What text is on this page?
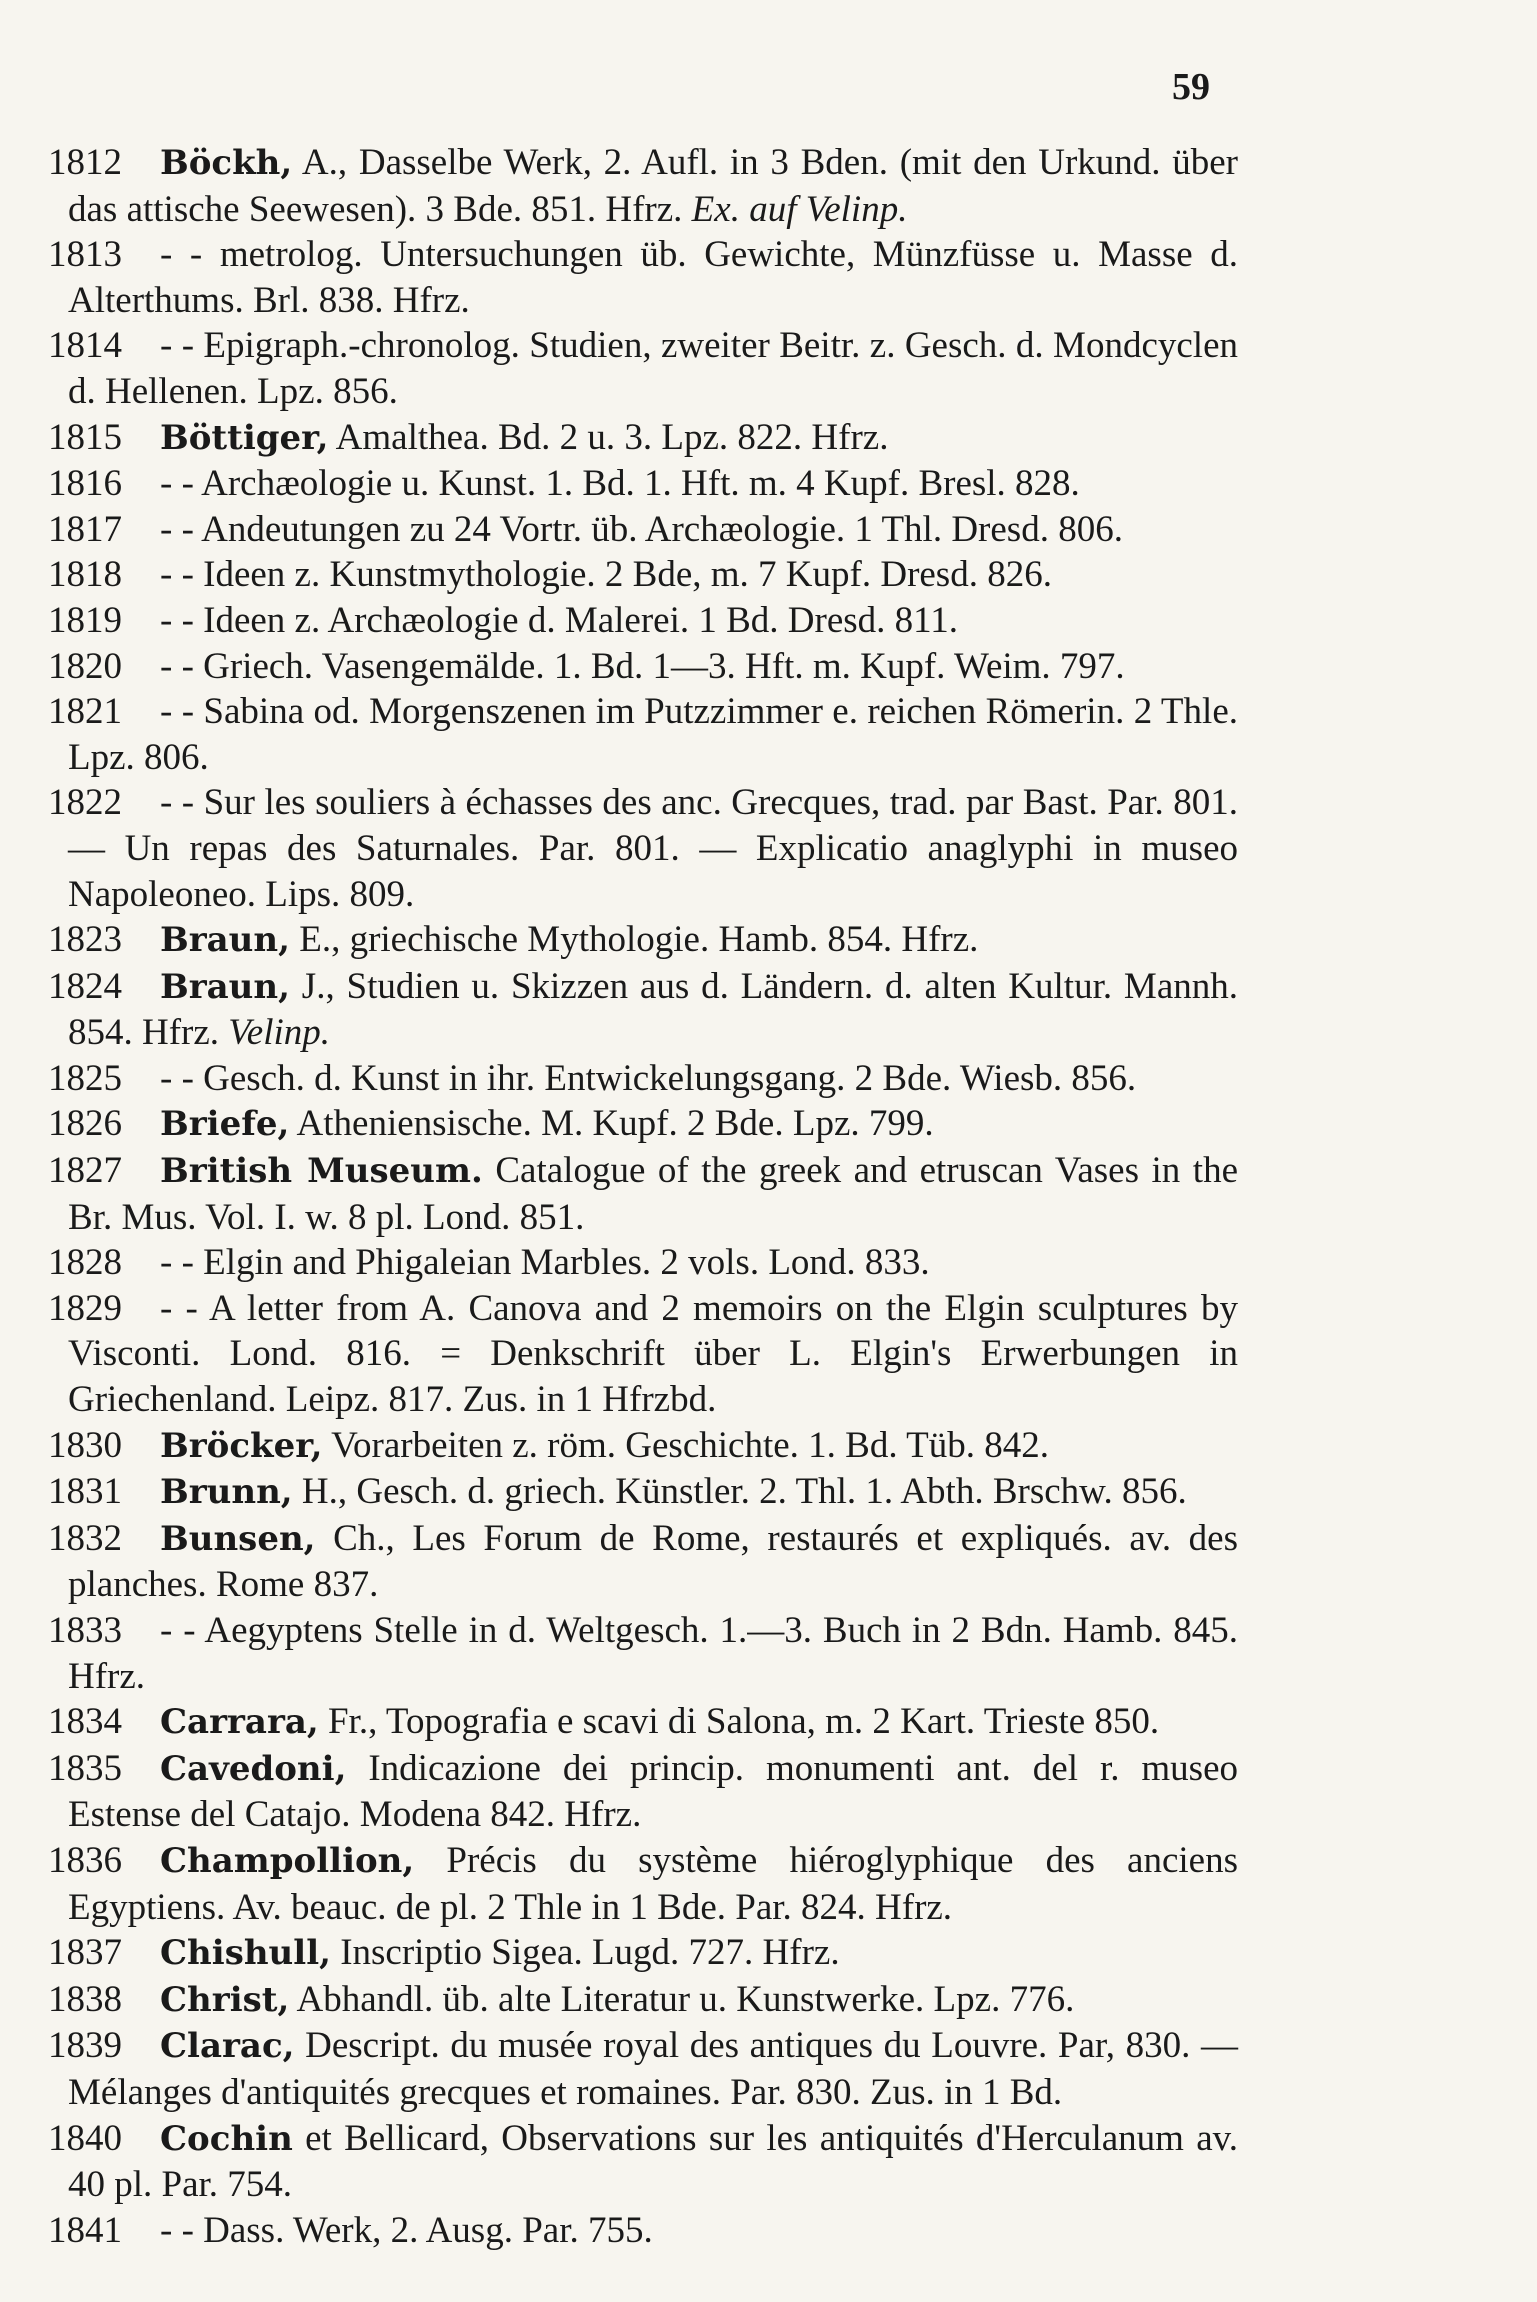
59

1812 Böckh, A., Dasselbe Werk, 2. Aufl. in 3 Bden. (mit den Urkund. über das attische Seewesen). 3 Bde. 851. Hfrz. Ex. auf Velinp.

1813 - - metrolog. Untersuchungen üb. Gewichte, Münzfüsse u. Masse d. Alterthums. Brl. 838. Hfrz.

1814 - - Epigraph.-chronolog. Studien, zweiter Beitr. z. Gesch. d. Mondcyclen d. Hellenen. Lpz. 856.

1815 Böttiger, Amalthea. Bd. 2 u. 3. Lpz. 822. Hfrz.

1816 - - Archæologie u. Kunst. 1. Bd. 1. Hft. m. 4 Kupf. Bresl. 828.

1817 - - Andeutungen zu 24 Vortr. üb. Archæologie. 1 Thl. Dresd. 806.

1818 - - Ideen z. Kunstmythologie. 2 Bde, m. 7 Kupf. Dresd. 826.

1819 - - Ideen z. Archæologie d. Malerei. 1 Bd. Dresd. 811.

1820 - - Griech. Vasengemälde. 1. Bd. 1—3. Hft. m. Kupf. Weim. 797.

1821 - - Sabina od. Morgenszenen im Putzzimmer e. reichen Römerin. 2 Thle. Lpz. 806.

1822 - - Sur les souliers à échasses des anc. Grecques, trad. par Bast. Par. 801. — Un repas des Saturnales. Par. 801. — Explicatio anaglyphi in museo Napoleoneo. Lips. 809.

1823 Braun, E., griechische Mythologie. Hamb. 854. Hfrz.

1824 Braun, J., Studien u. Skizzen aus d. Ländern. d. alten Kultur. Mannh. 854. Hfrz. Velinp.

1825 - - Gesch. d. Kunst in ihr. Entwickelungsgang. 2 Bde. Wiesb. 856.

1826 Briefe, Atheniensische. M. Kupf. 2 Bde. Lpz. 799.

1827 British Museum. Catalogue of the greek and etruscan Vases in the Br. Mus. Vol. I. w. 8 pl. Lond. 851.

1828 - - Elgin and Phigaleian Marbles. 2 vols. Lond. 833.

1829 - - A letter from A. Canova and 2 memoirs on the Elgin sculptures by Visconti. Lond. 816. = Denkschrift über L. Elgin's Erwerbungen in Griechenland. Leipz. 817. Zus. in 1 Hfrzbd.

1830 Bröcker, Vorarbeiten z. röm. Geschichte. 1. Bd. Tüb. 842.

1831 Brunn, H., Gesch. d. griech. Künstler. 2. Thl. 1. Abth. Brschw. 856.

1832 Bunsen, Ch., Les Forum de Rome, restaurés et expliqués. av. des planches. Rome 837.

1833 - - Aegyptens Stelle in d. Weltgesch. 1.—3. Buch in 2 Bdn. Hamb. 845. Hfrz.

1834 Carrara, Fr., Topografia e scavi di Salona, m. 2 Kart. Trieste 850.

1835 Cavedoni, Indicazione dei princip. monumenti ant. del r. museo Estense del Catajo. Modena 842. Hfrz.

1836 Champollion, Précis du système hiéroglyphique des anciens Egyptiens. Av. beauc. de pl. 2 Thle in 1 Bde. Par. 824. Hfrz.

1837 Chishull, Inscriptio Sigea. Lugd. 727. Hfrz.

1838 Christ, Abhandl. üb. alte Literatur u. Kunstwerke. Lpz. 776.

1839 Clarac, Descript. du musée royal des antiques du Louvre. Par, 830. — Mélanges d'antiquités grecques et romaines. Par. 830. Zus. in 1 Bd.

1840 Cochin et Bellicard, Observations sur les antiquités d'Herculanum av. 40 pl. Par. 754.

1841 - - Dass. Werk, 2. Ausg. Par. 755.
